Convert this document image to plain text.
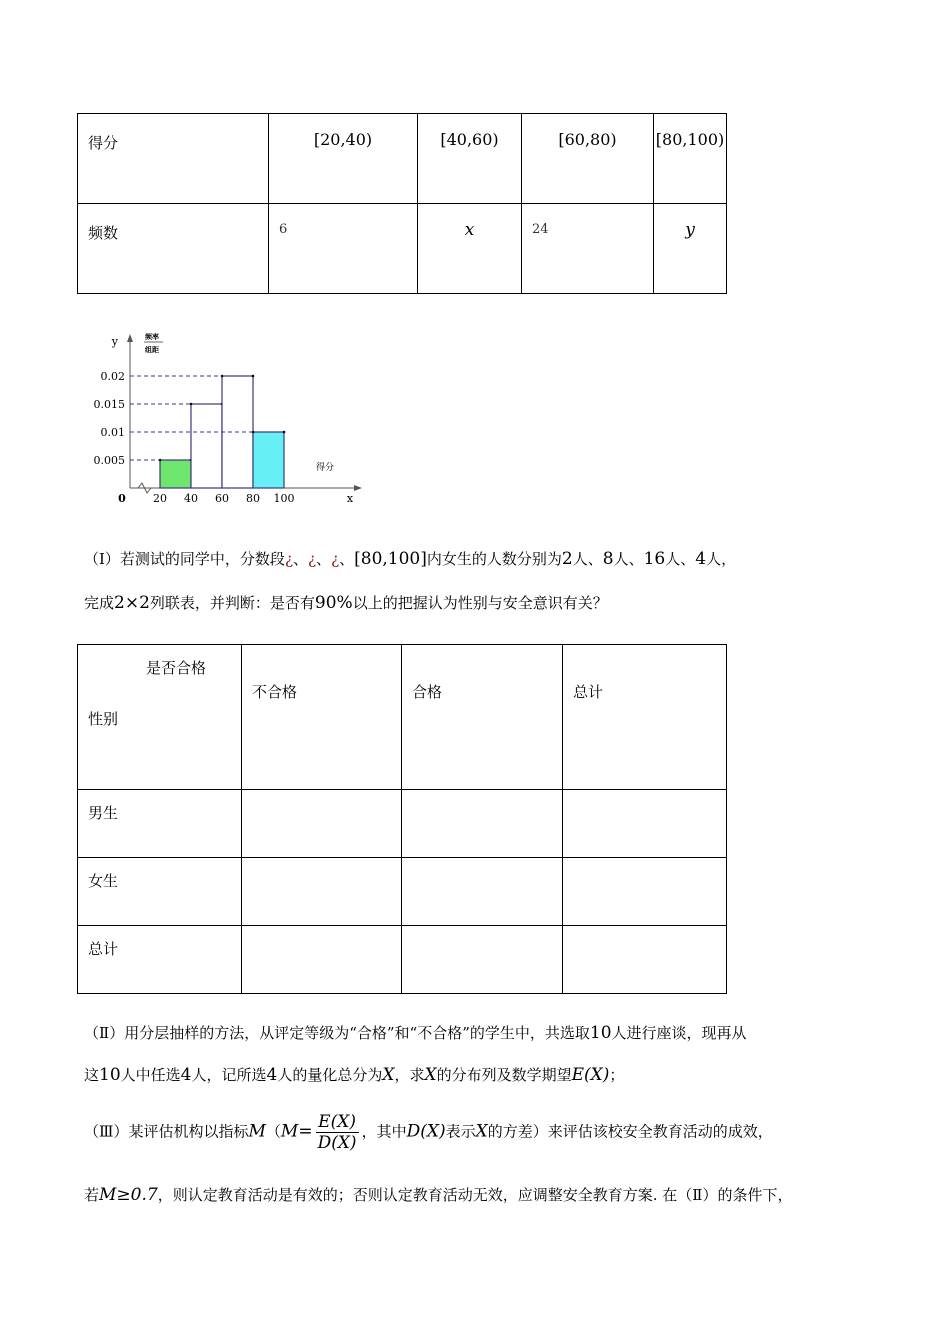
得分	[20,40)	[40,60)	[60,80)	[80,100)
频数	6	x	24	y
y	频率
组距
0.005
0.01
0.015
0.02
20 40 60 80 100
0	x
得分
（Ⅰ）若测试的同学中，分数段¿、¿、¿、[80,100]内女生的人数分别为2人、8人、16人、4人，
完成2×2列联表，并判断：是否有90%以上的把握认为性别与安全意识有关？
是否合格
性别	不合格	合格	总计
男生			
女生			
总计			
（Ⅱ）用分层抽样的方法，从评定等级为“合格”和“不合格”的学生中，共选取10人进行座谈，现再从
这10人中任选4人，记所选4人的量化总分为X，求X的分布列及数学期望E(X)；
（Ⅲ）某评估机构以指标$M(M= \frac{E(X)}{D(X)}$ ，其中D(X)表示X的方差）来评估该校安全教育活动的成效，
若M≥0.7，则认定教育活动是有效的；否则认定教育活动无效，应调整安全教育方案. 在（Ⅱ）的条件下，
